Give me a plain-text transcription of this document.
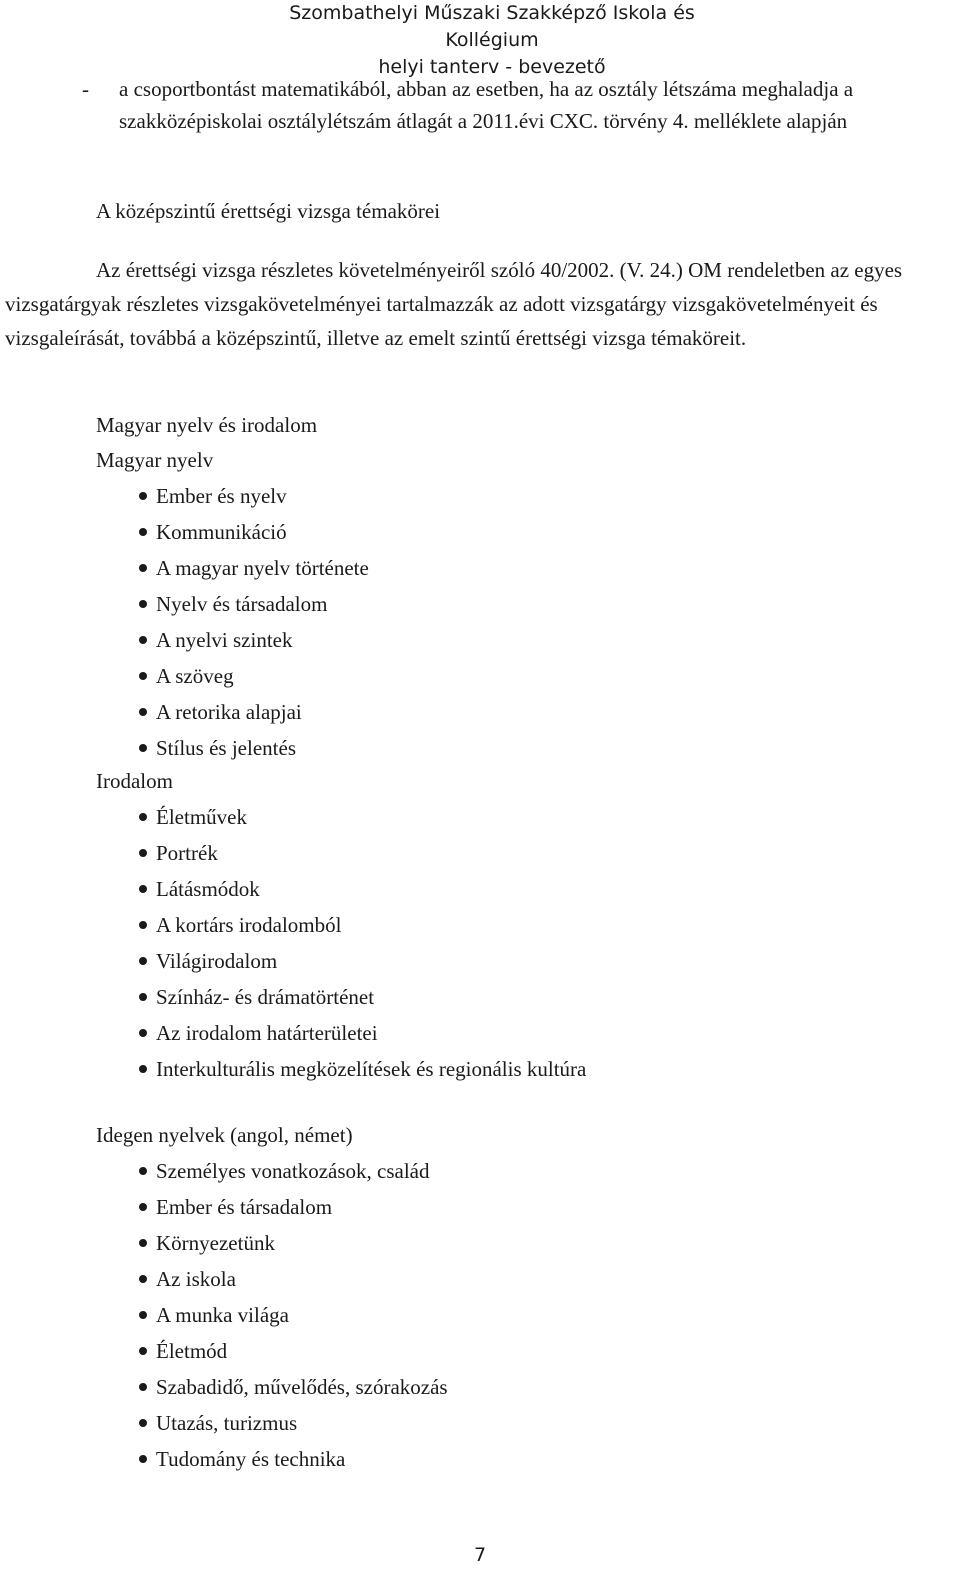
Szombathelyi Műszaki Szakképző Iskola és Kollégium
helyi tanterv - bevezető
-	a csoportbontást matematikából, abban az esetben, ha az osztály létszáma meghaladja a szakközépiskolai osztálylétszám átlagát a 2011.évi CXC. törvény 4. melléklete alapján
A középszintű érettségi vizsga témakörei
Az érettségi vizsga részletes követelményeiről szóló 40/2002. (V. 24.) OM rendeletben az egyes vizsgatárgyak részletes vizsgakövetelményei tartalmazzák az adott vizsgatárgy vizsgakövetelményeit és vizsgaleírását, továbbá a középszintű, illetve az emelt szintű érettségi vizsga témaköreit.
Magyar nyelv és irodalom
Magyar nyelv
Ember és nyelv
Kommunikáció
A magyar nyelv története
Nyelv és társadalom
A nyelvi szintek
A szöveg
A retorika alapjai
Stílus és jelentés
Irodalom
Életművek
Portrék
Látásmódok
A kortárs irodalomból
Világirodalom
Színház- és drámatörténet
Az irodalom határterületei
Interkulturális megközelítések és regionális kultúra
Idegen nyelvek (angol, német)
Személyes vonatkozások, család
Ember és társadalom
Környezetünk
Az iskola
A munka világa
Életmód
Szabadidő, művelődés, szórakozás
Utazás, turizmus
Tudomány és technika
7
